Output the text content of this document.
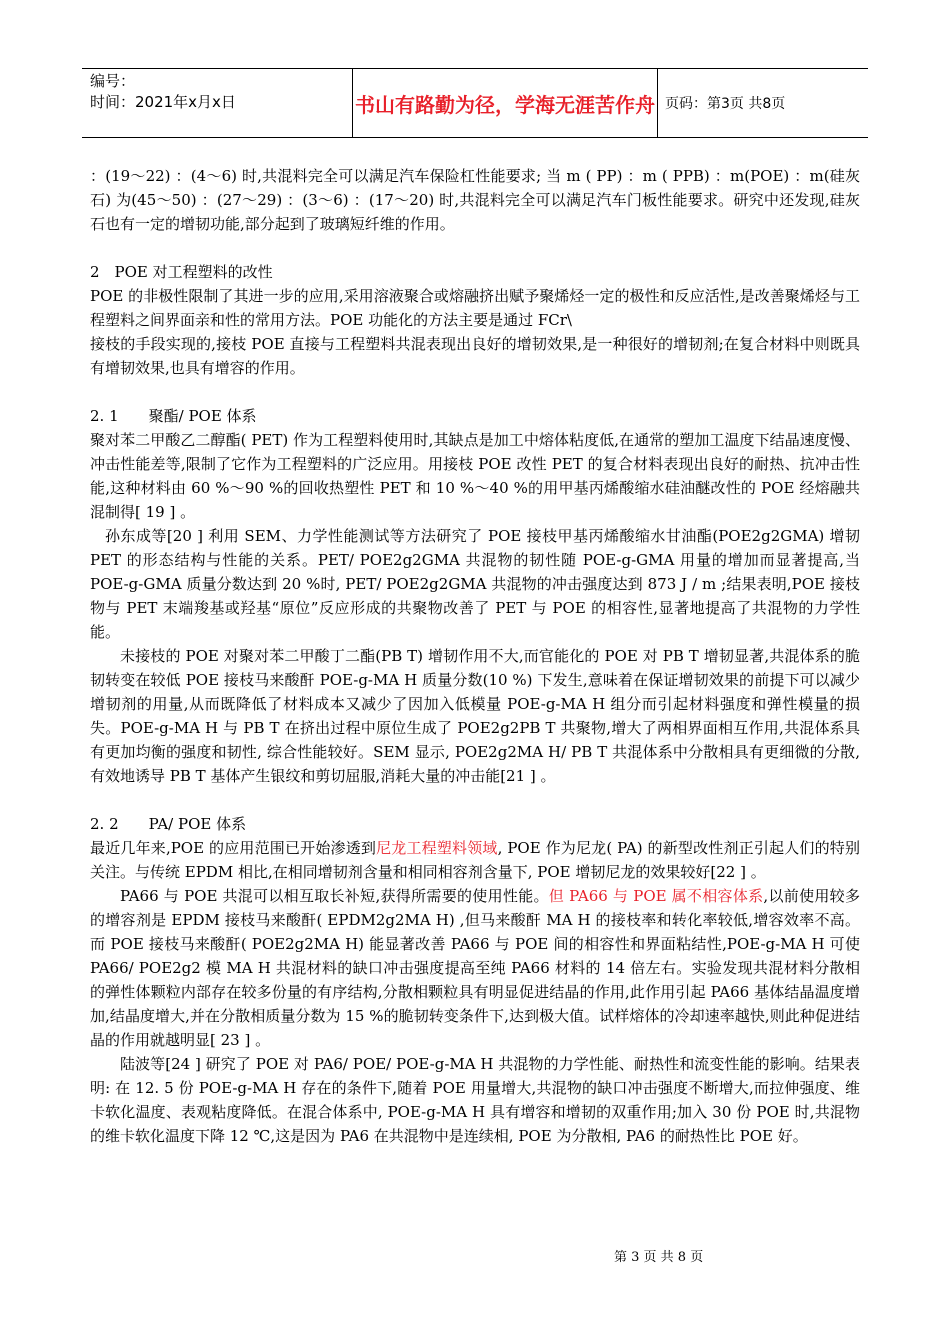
编号：
时间：2021年x月x日	书山有路勤为径，学海无涯苦作舟 页码：第3页 共8页

：(19～22) ：(4～6) 时,共混料完全可以满足汽车保险杠性能要求; 当 m ( PP) ：m ( PPB) ：m(POE) ：m(硅灰石) 为(45～50) ：(27～29) ：(3～6) ：(17～20) 时,共混料完全可以满足汽车门板性能要求。研究中还发现,硅灰石也有一定的增韧功能,部分起到了玻璃短纤维的作用。

2　POE 对工程塑料的改性

POE 的非极性限制了其进一步的应用,采用溶液聚合或熔融挤出赋予聚烯烃一定的极性和反应活性,是改善聚烯烃与工程塑料之间界面亲和性的常用方法。POE 功能化的方法主要是通过 FCr\

接枝的手段实现的,接枝 POE 直接与工程塑料共混表现出良好的增韧效果,是一种很好的增韧剂;在复合材料中则既具有增韧效果,也具有增容的作用。

2. 1　　聚酯/ POE 体系

聚对苯二甲酸乙二醇酯( PET) 作为工程塑料使用时,其缺点是加工中熔体粘度低,在通常的塑加工温度下结晶速度慢、冲击性能差等,限制了它作为工程塑料的广泛应用。用接枝 POE 改性 PET 的复合材料表现出良好的耐热、抗冲击性能,这种材料由 60 %～90 %的回收热塑性 PET 和 10 %～40 %的用甲基丙烯酸缩水硅油醚改性的 POE 经熔融共混制得[ 19 ] 。

孙东成等[20 ] 利用 SEM、力学性能测试等方法研究了 POE 接枝甲基丙烯酸缩水甘油酯(POE2g2GMA) 增韧 PET 的形态结构与性能的关系。PET/ POE2g2GMA 共混物的韧性随 POE-g-GMA 用量的增加而显著提高,当 POE-g-GMA 质量分数达到 20 %时, PET/ POE2g2GMA 共混物的冲击强度达到 873 J / m ;结果表明,POE 接枝物与 PET 末端羧基或羟基“原位”反应形成的共聚物改善了 PET 与 POE 的相容性,显著地提高了共混物的力学性能。

未接枝的 POE 对聚对苯二甲酸丁二酯(PB T) 增韧作用不大,而官能化的 POE 对 PB T 增韧显著,共混体系的脆韧转变在较低 POE 接枝马来酸酐 POE-g-MA H 质量分数(10 %) 下发生,意味着在保证增韧效果的前提下可以减少增韧剂的用量,从而既降低了材料成本又减少了因加入低模量 POE-g-MA H 组分而引起材料强度和弹性模量的损失。POE-g-MA H 与 PB T 在挤出过程中原位生成了 POE2g2PB T 共聚物,增大了两相界面相互作用,共混体系具有更加均衡的强度和韧性, 综合性能较好。SEM 显示, POE2g2MA H/ PB T 共混体系中分散相具有更细微的分散,有效地诱导 PB T 基体产生银纹和剪切屈服,消耗大量的冲击能[21 ] 。

2. 2　　PA/ POE 体系

最近几年来,POE 的应用范围已开始渗透到尼龙工程塑料领域, POE 作为尼龙( PA) 的新型改性剂正引起人们的特别关注。与传统 EPDM 相比,在相同增韧剂含量和相同相容剂含量下, POE 增韧尼龙的效果较好[22 ] 。

PA66 与 POE 共混可以相互取长补短,获得所需要的使用性能。但 PA66 与 POE 属不相容体系,以前使用较多的增容剂是 EPDM 接枝马来酸酐( EPDM2g2MA H) ,但马来酸酐 MA H 的接枝率和转化率较低,增容效率不高。而 POE 接枝马来酸酐( POE2g2MA H) 能显著改善 PA66 与 POE 间的相容性和界面粘结性,POE-g-MA H 可使 PA66/ POE2g2 模 MA H 共混材料的缺口冲击强度提高至纯 PA66 材料的 14 倍左右。实验发现共混材料分散相的弹性体颗粒内部存在较多份量的有序结构,分散相颗粒具有明显促进结晶的作用,此作用引起 PA66 基体结晶温度增加,结晶度增大,并在分散相质量分数为 15 %的脆韧转变条件下,达到极大值。试样熔体的冷却速率越快,则此种促进结晶的作用就越明显[ 23 ] 。

陆波等[24 ] 研究了 POE 对 PA6/ POE/ POE-g-MA H 共混物的力学性能、耐热性和流变性能的影响。结果表明: 在 12. 5 份 POE-g-MA H 存在的条件下,随着 POE 用量增大,共混物的缺口冲击强度不断增大,而拉伸强度、维卡软化温度、表观粘度降低。在混合体系中, POE-g-MA H 具有增容和增韧的双重作用;加入 30 份 POE 时,共混物的维卡软化温度下降 12 ℃,这是因为 PA6 在共混物中是连续相, POE 为分散相, PA6 的耐热性比 POE 好。

第 3 页 共 8 页
